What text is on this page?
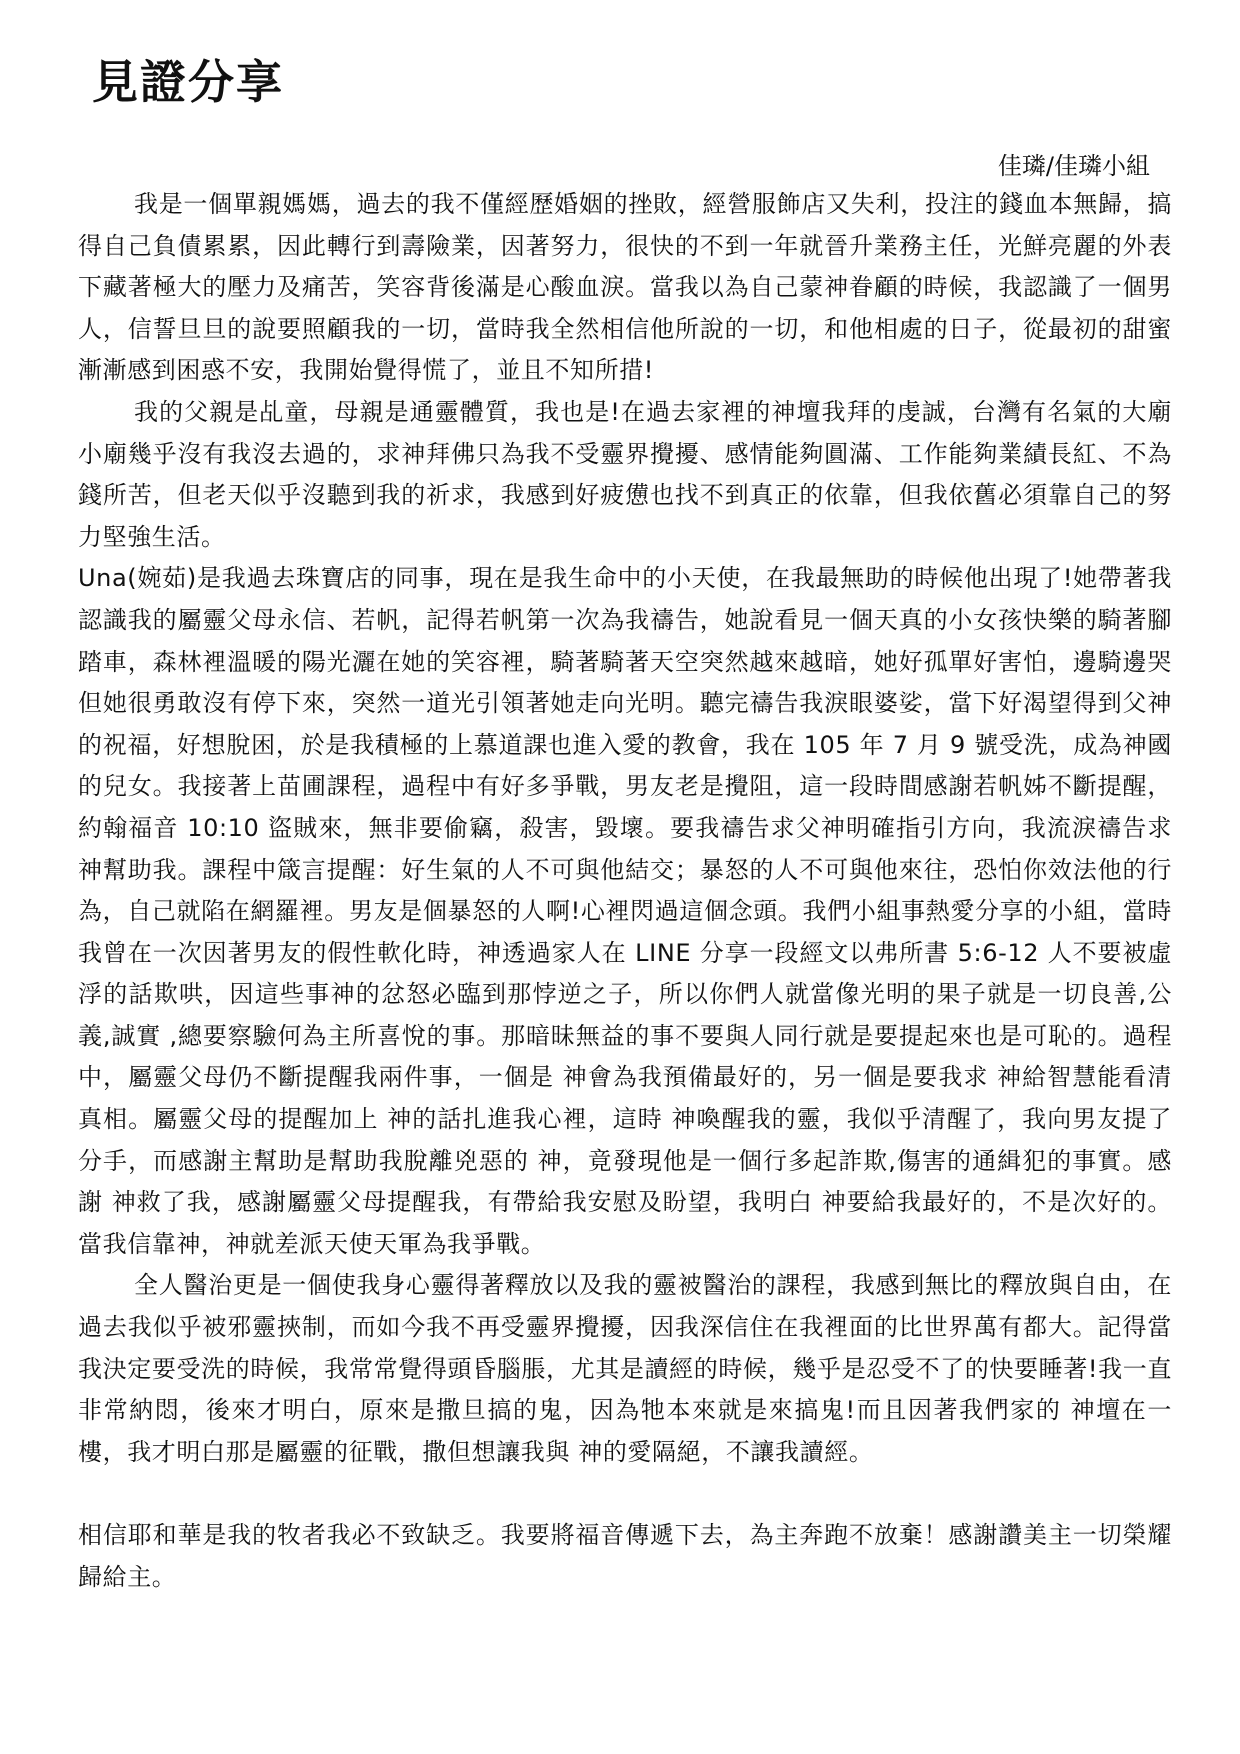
見證分享

佳璘/佳璘小組

我是一個單親媽媽，過去的我不僅經歷婚姻的挫敗，經營服飾店又失利，投注的錢血本無歸，搞得自己負債累累，因此轉行到壽險業，因著努力，很快的不到一年就晉升業務主任，光鮮亮麗的外表下藏著極大的壓力及痛苦，笑容背後滿是心酸血淚。當我以為自己蒙神眷顧的時候，我認識了一個男人，信誓旦旦的說要照顧我的一切，當時我全然相信他所說的一切，和他相處的日子，從最初的甜蜜漸漸感到困惑不安，我開始覺得慌了，並且不知所措!

我的父親是乩童，母親是通靈體質，我也是!在過去家裡的神壇我拜的虔誠，台灣有名氣的大廟小廟幾乎沒有我沒去過的，求神拜佛只為我不受靈界攪擾、感情能夠圓滿、工作能夠業績長紅、不為錢所苦，但老天似乎沒聽到我的祈求，我感到好疲憊也找不到真正的依靠，但我依舊必須靠自己的努力堅強生活。

Una(婉茹)是我過去珠寶店的同事，現在是我生命中的小天使，在我最無助的時候他出現了!她帶著我認識我的屬靈父母永信、若帆，記得若帆第一次為我禱告，她說看見一個天真的小女孩快樂的騎著腳踏車，森林裡溫暖的陽光灑在她的笑容裡，騎著騎著天空突然越來越暗，她好孤單好害怕，邊騎邊哭但她很勇敢沒有停下來，突然一道光引領著她走向光明。聽完禱告我淚眼婆娑，當下好渴望得到父神的祝福，好想脫困，於是我積極的上慕道課也進入愛的教會，我在 105 年 7 月 9 號受洗，成為神國的兒女。我接著上苗圃課程，過程中有好多爭戰，男友老是攪阻，這一段時間感謝若帆姊不斷提醒，約翰福音 10:10 盜賊來，無非要偷竊，殺害，毀壞。要我禱告求父神明確指引方向，我流淚禱告求神幫助我。課程中箴言提醒：好生氣的人不可與他結交；暴怒的人不可與他來往，恐怕你效法他的行為，自己就陷在網羅裡。男友是個暴怒的人啊!心裡閃過這個念頭。我們小組事熱愛分享的小組，當時我曾在一次因著男友的假性軟化時，神透過家人在 LINE 分享一段經文以弗所書 5:6-12 人不要被虛浮的話欺哄，因這些事神的忿怒必臨到那悖逆之子，所以你們人就當像光明的果子就是一切良善,公義,誠實 ,總要察驗何為主所喜悅的事。那暗昧無益的事不要與人同行就是要提起來也是可恥的。過程中，屬靈父母仍不斷提醒我兩件事，一個是 神會為我預備最好的，另一個是要我求 神給智慧能看清真相。屬靈父母的提醒加上 神的話扎進我心裡，這時 神喚醒我的靈，我似乎清醒了，我向男友提了分手，而感謝主幫助是幫助我脫離兇惡的 神，竟發現他是一個行多起詐欺,傷害的通緝犯的事實。感謝 神救了我，感謝屬靈父母提醒我，有帶給我安慰及盼望，我明白 神要給我最好的，不是次好的。當我信靠神，神就差派天使天軍為我爭戰。

全人醫治更是一個使我身心靈得著釋放以及我的靈被醫治的課程，我感到無比的釋放與自由，在過去我似乎被邪靈挾制，而如今我不再受靈界攪擾，因我深信住在我裡面的比世界萬有都大。記得當我決定要受洗的時候，我常常覺得頭昏腦脹，尤其是讀經的時候，幾乎是忍受不了的快要睡著!我一直非常納悶，後來才明白，原來是撒旦搞的鬼，因為牠本來就是來搞鬼!而且因著我們家的 神壇在一樓，我才明白那是屬靈的征戰，撒但想讓我與 神的愛隔絕，不讓我讀經。

相信耶和華是我的牧者我必不致缺乏。我要將福音傳遞下去，為主奔跑不放棄！感謝讚美主一切榮耀歸給主。
